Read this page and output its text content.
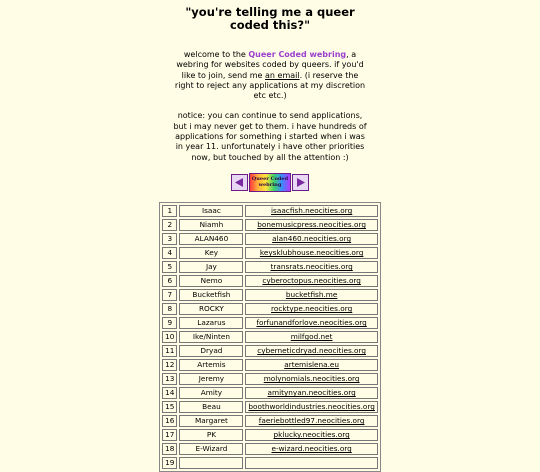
"you're telling me a queer coded this?"

welcome to the Queer Coded webring, a webring for websites coded by queers. if you'd like to join, send me an email. (i reserve the right to reject any applications at my discretion etc etc.)

notice: you can continue to send applications, but i may never get to them. i have hundreds of applications for something i started when i was in year 11. unfortunately i have other priorities now, but touched by all the attention :)

Queer Coded webring
1	Isaac	isaacfish.neocities.org
2	Niamh	bonemusicpress.neocities.org
3	ALAN460	alan460.neocities.org
4	Key	keysklubhouse.neocities.org
5	Jay	transrats.neocities.org
6	Nemo	cyberoctopus.neocities.org
7	Bucketfish	bucketfish.me
8	ROCKY	rocktype.neocities.org
9	Lazarus	forfunandforlove.neocities.org
10	Ike/Ninten	milfgod.net
11	Dryad	cyberneticdryad.neocities.org
12	Artemis	artemislena.eu
13	Jeremy	molynomials.neocities.org
14	Amity	amitynyan.neocities.org
15	Beau	boothworldindustries.neocities.org
16	Margaret	faeriebottled97.neocities.org
17	PK	pklucky.neocities.org
18	E-Wizard	e-wizard.neocities.org
19		
